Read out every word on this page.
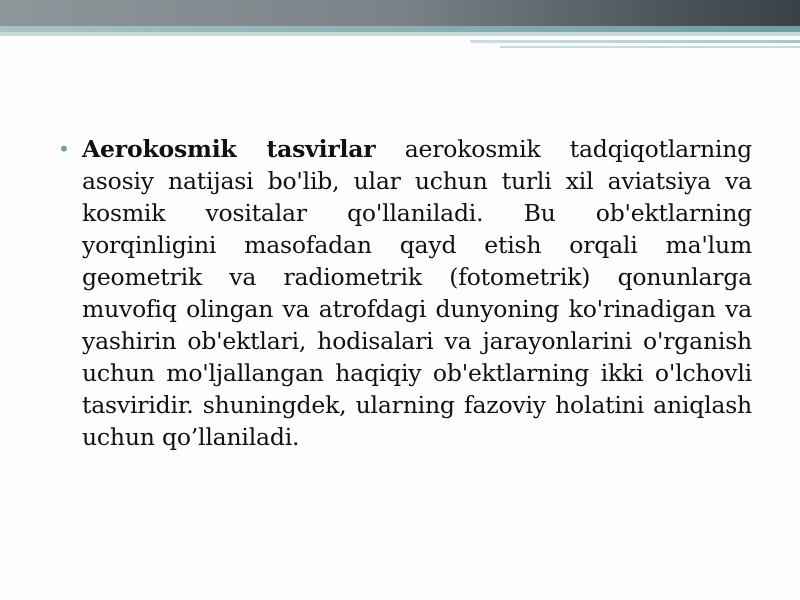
• Aerokosmik tasvirlar aerokosmik tadqiqotlarning asosiy natijasi bo'lib, ular uchun turli xil aviatsiya va kosmik vositalar qo'llaniladi. Bu ob'ektlarning yorqinligini masofadan qayd etish orqali ma'lum geometrik va radiometrik (fotometrik) qonunlarga muvofiq olingan va atrofdagi dunyoning ko'rinadigan va yashirin ob'ektlari, hodisalari va jarayonlarini o'rganish uchun mo'ljallangan haqiqiy ob'ektlarning ikki o'lchovli tasviridir. shuningdek, ularning fazoviy holatini aniqlash uchun qo’llaniladi.
